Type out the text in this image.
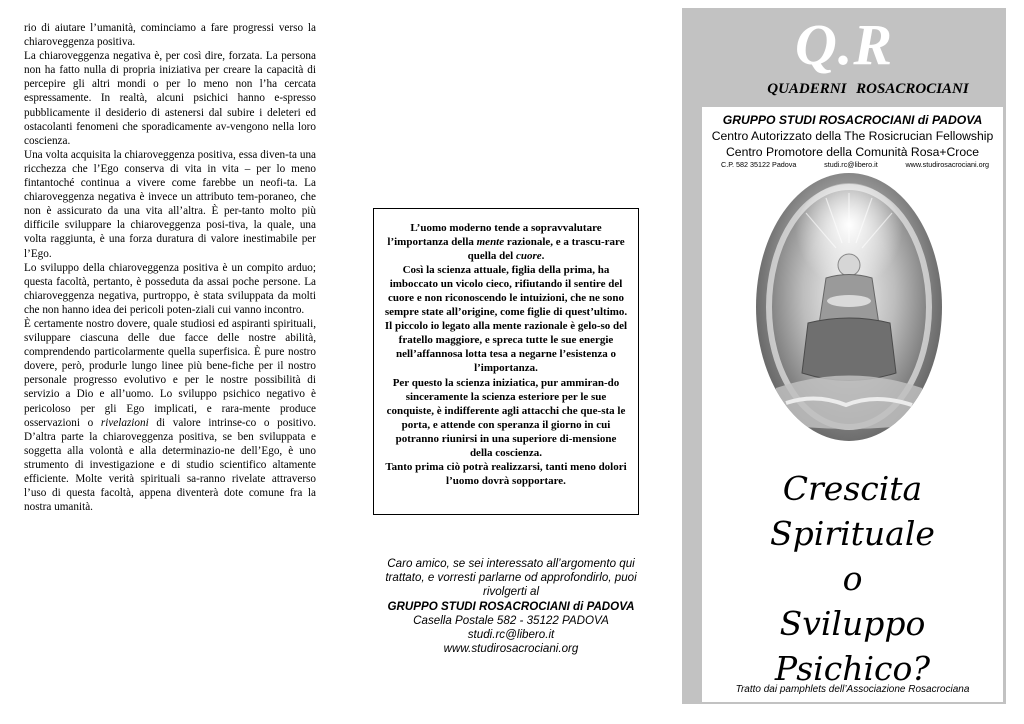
rio di aiutare l’umanità, cominciamo a fare progressi verso la chiaroveggenza positiva.

La chiaroveggenza negativa è, per così dire, forzata. La persona non ha fatto nulla di propria iniziativa per creare la capacità di percepire gli altri mondi o per lo meno non l’ha cercata espressamente. In realtà, alcuni psichici hanno e-spresso pubblicamente il desiderio di astenersi dal subire i deleteri ed ostacolanti fenomeni che sporadicamente av-vengono nella loro coscienza.

Una volta acquisita la chiaroveggenza positiva, essa diven-ta una ricchezza che l’Ego conserva di vita in vita – per lo meno fintantoché continua a vivere come farebbe un neofi-ta. La chiaroveggenza negativa è invece un attributo tem-poraneo, che non è assicurato da una vita all’altra. È per-tanto molto più difficile sviluppare la chiaroveggenza posi-tiva, la quale, una volta raggiunta, è una forza duratura di valore inestimabile per l’Ego.

Lo sviluppo della chiaroveggenza positiva è un compito arduo; questa facoltà, pertanto, è posseduta da assai poche persone. La chiaroveggenza negativa, purtroppo, è stata sviluppata da molti che non hanno idea dei pericoli poten-ziali cui vanno incontro.

È certamente nostro dovere, quale studiosi ed aspiranti spirituali, sviluppare ciascuna delle due facce delle nostre abilità, comprendendo particolarmente quella superfisica. È pure nostro dovere, però, produrle lungo linee più bene-fiche per il nostro personale progresso evolutivo e per le nostre possibilità di servizio a Dio e all’uomo. Lo sviluppo psichico negativo è pericoloso per gli Ego implicati, e rara-mente produce osservazioni o rivelazioni di valore intrinse-co o positivo. D’altra parte la chiaroveggenza positiva, se ben sviluppata e soggetta alla volontà e alla determinazio-ne dell’Ego, è uno strumento di investigazione e di studio scientifico altamente efficiente. Molte verità spirituali sa-ranno rivelate attraverso l’uso di questa facoltà, appena diventerà dote comune fra la nostra umanità.

L’uomo moderno tende a sopravvalutare l’importanza della mente razionale, e a trascu-rare quella del cuore.

Così la scienza attuale, figlia della prima, ha imboccato un vicolo cieco, rifiutando il sentire del cuore e non riconoscendo le intuizioni, che ne sono sempre state all’origine, come figlie di quest’ultimo.

Il piccolo io legato alla mente razionale è gelo-so del fratello maggiore, e spreca tutte le sue energie nell’affannosa lotta tesa a negarne l’esistenza o l’importanza.

Per questo la scienza iniziatica, pur ammiran-do sinceramente la scienza esteriore per le sue conquiste, è indifferente agli attacchi che que-sta le porta, e attende con speranza il giorno in cui potranno riunirsi in una superiore di-mensione della coscienza.

Tanto prima ciò potrà realizzarsi, tanti meno dolori l’uomo dovrà sopportare.

Caro amico, se sei interessato all’argomento qui
trattato, e vorresti parlarne od approfondirlo, puoi
rivolgerti al
GRUPPO STUDI ROSACROCIANI di PADOVA
Casella Postale 582 - 35122 PADOVA
studi.rc@libero.it
www.studirosacrociani.org
Q.R
QUADERNI ROSACROCIANI
GRUPPO STUDI ROSACROCIANI di PADOVA
Centro Autorizzato della The Rosicrucian Fellowship
Centro Promotore della Comunità Rosa+Croce
C.P. 582 35122 Padova	studi.rc@libero.it	www.studirosacrociani.org
Crescita Spirituale
o
Sviluppo Psichico?
Tratto dai pamphlets dell’Associazione Rosacrociana
